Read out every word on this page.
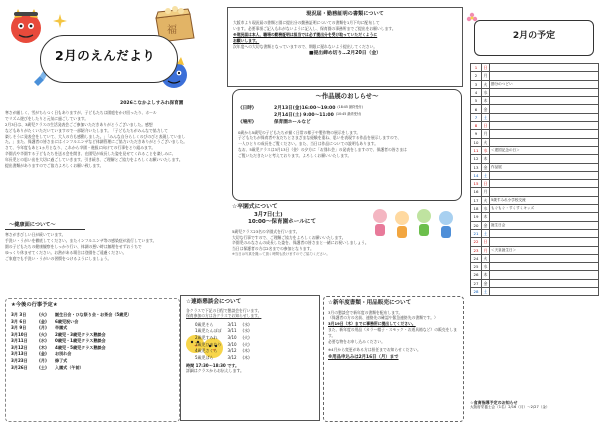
福
2月のえんだより
2026こなかよしすみれ保育園
寒さが厳しく、雪がちらつく日もありますが、子どもたちは園庭をかけ回ったり、ホール
でリズム遊びをしたりと元気に過ごしています。
2月3日は、3歳児クラスの生活発表会ごご参加いただきありがとうございました。感想
などもありがたくいただいていますので一部紹介いたします。「子どもたちがみんなで協力して
楽しそうに発表会をしていて、大人の方も感動しました。」「みんな自分らしくのびのびと表現していまし
た。」また、保護者の皆さまにはインフルエンザなど体調管理にご協力いただきありがとうございました。
さて、今年度もあと1ヵ月となり、これから卒園・進級に向けての行事をとり組みます。
卒園式や卒園する子どもたちを送る会を開き、在園児が成長した姿を見せてくれることを楽しみに、
年長児との思い出を大切に過ごしていきます。引き続き、ご理解とご協力をよろしくお願いいたします。
提出書類がありますのでご協力よろしくお願い致します。
現況届・勤務証明の書類について
大阪市より現況届の書類と園に提出分の勤務証明についての書類を1月下旬に配布して
います。必要事項ご記入もれがないように記入し、保育園の事務所までご提出をお願いします。
※現況届は本人、職場の勤務証明は担当では必ず提出分を受け取っていただくように
お願いします。
次年度への大切な書類となっていますので、期限に遅れないよう提出してください。
■提出締め切り…2月20日（金）
〜作品展のおしらせ〜
《日時》	2月13日(金)16:00〜19:00 (18:45 最終受付)
2月14日(土) 9:00〜11:00 (10:45 最終受付)
《場所》	保育園ホールなど
0歳から5歳児の子どもたちが描く日常の様子や製作物の展示をします。
子どもたちが保育者や友だちとさまざまな経験を重ね、思いを表現する作品を展示しますので、
一人ひとりの成長をご覧ください。また、当日は作品についての説明もあります。
なお、5歳児クラスは3月13日（金）の夕方に「お別れ会」の発表をしますので、保護者の皆さまは
ご覧いただきたいと考えております。よろしくお願いいたします。
〜健康面について〜
寒さがきびしい日が続いています。
手洗い・うがいを徹底してください。またインフルエンザ等の感染症が流行しています。
園の子どもたちの健康観察をしっかり行い、体調の悪い時は無理をせずおうちで
ゆっくり休ませてください。お熱がある場合は登園をご遠慮ください。
ご家庭でも手洗い・うがいの習慣をつけるようにしましょう。
★今後の行事予定★
3月 3日	(火)	誕生日会・ひな祭り会・お茶会（5歳児）
3月 6日	(金)	6歳児祝い会
3月 9日	(月)	卒園式
3月10日	(火)	2歳児・3歳児クラス懇談会
3月11日	(水)	0歳児・1歳児クラス懇談会
3月12日	(木)	4歳児・5歳児クラス懇談会
3月13日	(金)	お別れ会
3月23日	(月)	修了式
3月26日	(土)	入園式（午前）
☆卒園式について
3月7日(土)
10:00〜保育園ホールにて
5歳児クラス23名の卒園式を行います。
大切な行事ですので、ご理解ご協力をよろしくお願いいたします。
卒園児のみなさんの成長した姿を、保護者の皆さまと一緒にお祝いしましょう。
当日は保護者の方は2名までの参加となります。
※当日は写真を撮って頂く時間も設けますのでご協力ください。
☆連絡懇談会について
各クラスで下記の日程で懇談会を行います。
保育参加の方は各クラスでお知らせします。
0歳児そら	3/11	(水)
1歳児たんぽぽ	3/11	(水)
2歳児すみれ	3/10	(火)
3歳児ひまわり	3/10	(火)
4歳児さくら	3/12	(木)
5歳児ばら	3/12	(木)
時間 17:30〜18:30 です。
詳細はクラスからお伝えします。
☆新年度書類・用品販売について
3月の懇談会で新年度の書類を配布します。
（保護者の方の名前、連絡先の確認や緊急連絡先の書類です。）
3月19日（木）までに事務所に提出してください。
また、新年度の用品（カラー帽子・スモック・お道具箱など）の販売をします。
必要な物をお申し込みください。
※4月から変更がある方は担任までお知らせください。
※用品申込みは2月16日（月）まで
2月の予定
1	日	
2	月	
3	火	節分のつどい
4	水	
5	木	
6	金	
7	土	
8	日	
9	月	
10	火	
11	水	＜建国記念の日＞
12	木	
13	金	作品展
14	土	
15	日	
16	月	
17	火	5歳すみれ小学校交流
18	水	もぐもぐ・すくすくキッズ
19	木	
20	金	誕生日会
21	土	
22	日	
23	月	＜天皇誕生日＞
24	火	
25	水	
26	木	
27	金	
28	土	
☆食育指導予定のお知らせ
大阪府栄養士会（1名）2/16（月）〜2/27（金）
